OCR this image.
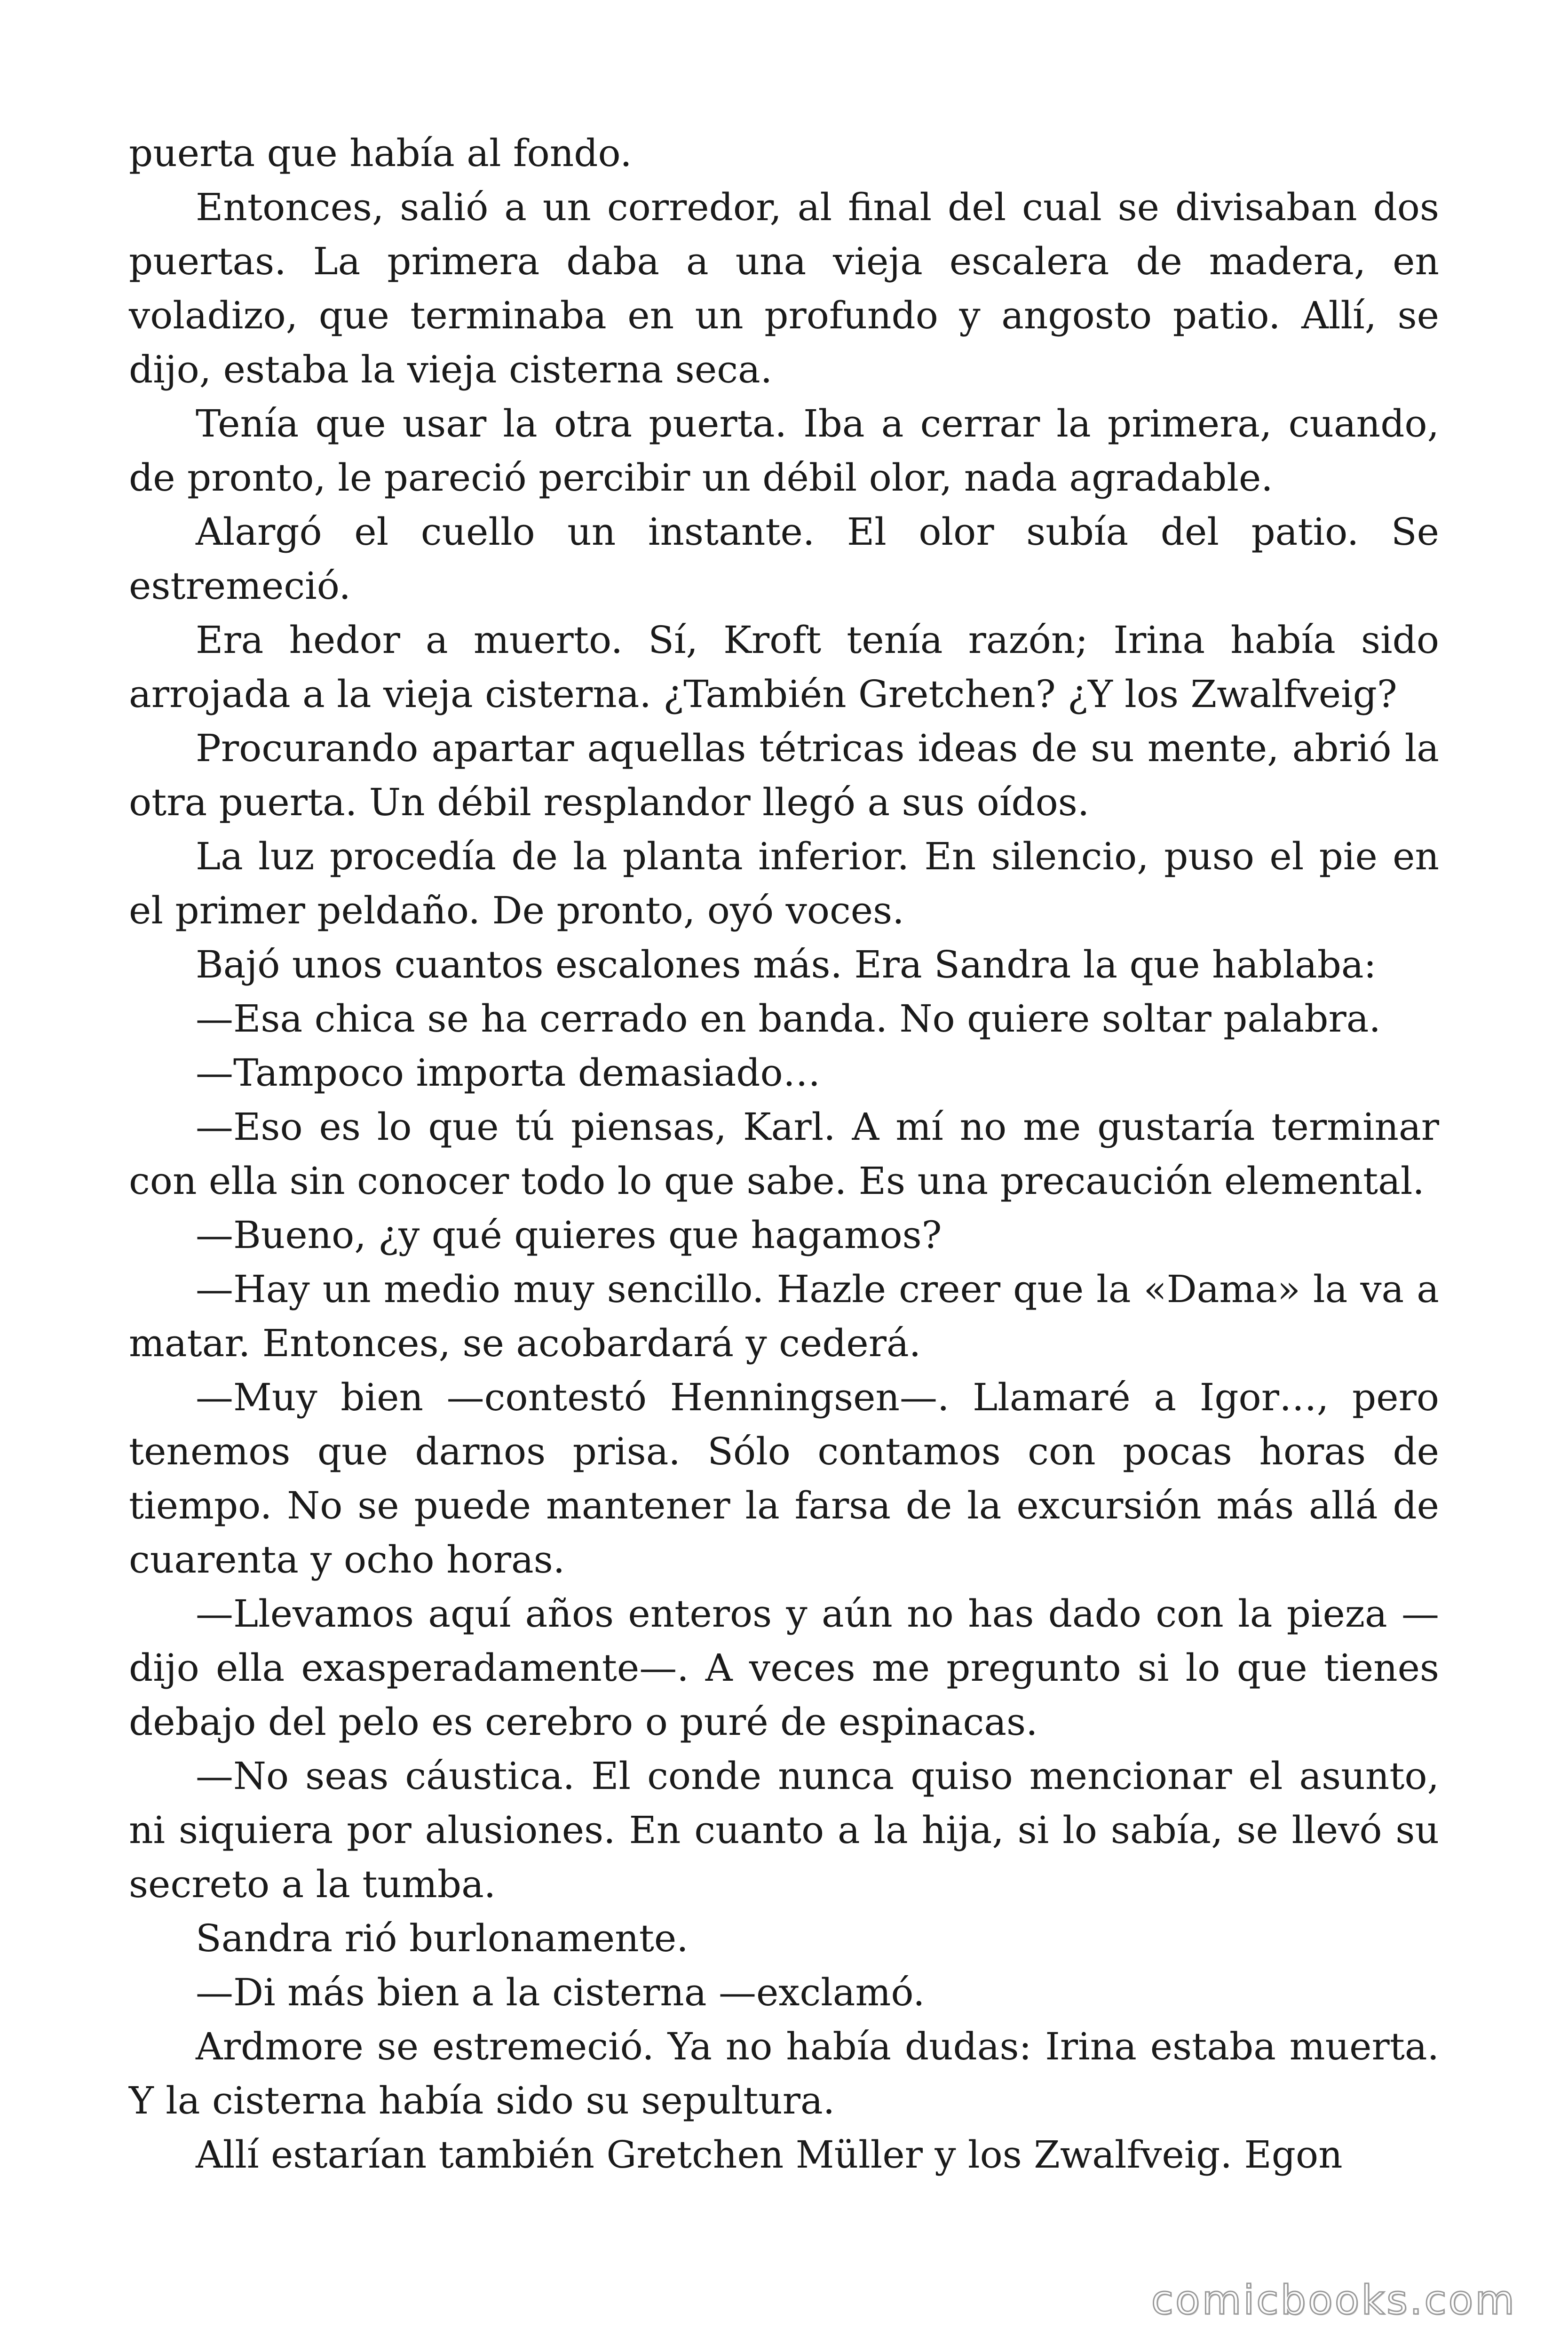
puerta que había al fondo.

Entonces, salió a un corredor, al final del cual se divisaban dos puertas. La primera daba a una vieja escalera de madera, en voladizo, que terminaba en un profundo y angosto patio. Allí, se dijo, estaba la vieja cisterna seca.

Tenía que usar la otra puerta. Iba a cerrar la primera, cuando, de pronto, le pareció percibir un débil olor, nada agradable.

Alargó el cuello un instante. El olor subía del patio. Se estremeció.

Era hedor a muerto. Sí, Kroft tenía razón; Irina había sido arrojada a la vieja cisterna. ¿También Gretchen? ¿Y los Zwalfveig?

Procurando apartar aquellas tétricas ideas de su mente, abrió la otra puerta. Un débil resplandor llegó a sus oídos.

La luz procedía de la planta inferior. En silencio, puso el pie en el primer peldaño. De pronto, oyó voces.

Bajó unos cuantos escalones más. Era Sandra la que hablaba:

—Esa chica se ha cerrado en banda. No quiere soltar palabra.

—Tampoco importa demasiado…

—Eso es lo que tú piensas, Karl. A mí no me gustaría terminar con ella sin conocer todo lo que sabe. Es una precaución elemental.

—Bueno, ¿y qué quieres que hagamos?

—Hay un medio muy sencillo. Hazle creer que la «Dama» la va a matar. Entonces, se acobardará y cederá.

—Muy bien —contestó Henningsen—. Llamaré a Igor…, pero tenemos que darnos prisa. Sólo contamos con pocas horas de tiempo. No se puede mantener la farsa de la excursión más allá de cuarenta y ocho horas.

—Llevamos aquí años enteros y aún no has dado con la pieza —dijo ella exasperadamente—. A veces me pregunto si lo que tienes debajo del pelo es cerebro o puré de espinacas.

—No seas cáustica. El conde nunca quiso mencionar el asunto, ni siquiera por alusiones. En cuanto a la hija, si lo sabía, se llevó su secreto a la tumba.

Sandra rió burlonamente.

—Di más bien a la cisterna —exclamó.

Ardmore se estremeció. Ya no había dudas: Irina estaba muerta. Y la cisterna había sido su sepultura.

Allí estarían también Gretchen Müller y los Zwalfveig. Egon

comicbooks.com
